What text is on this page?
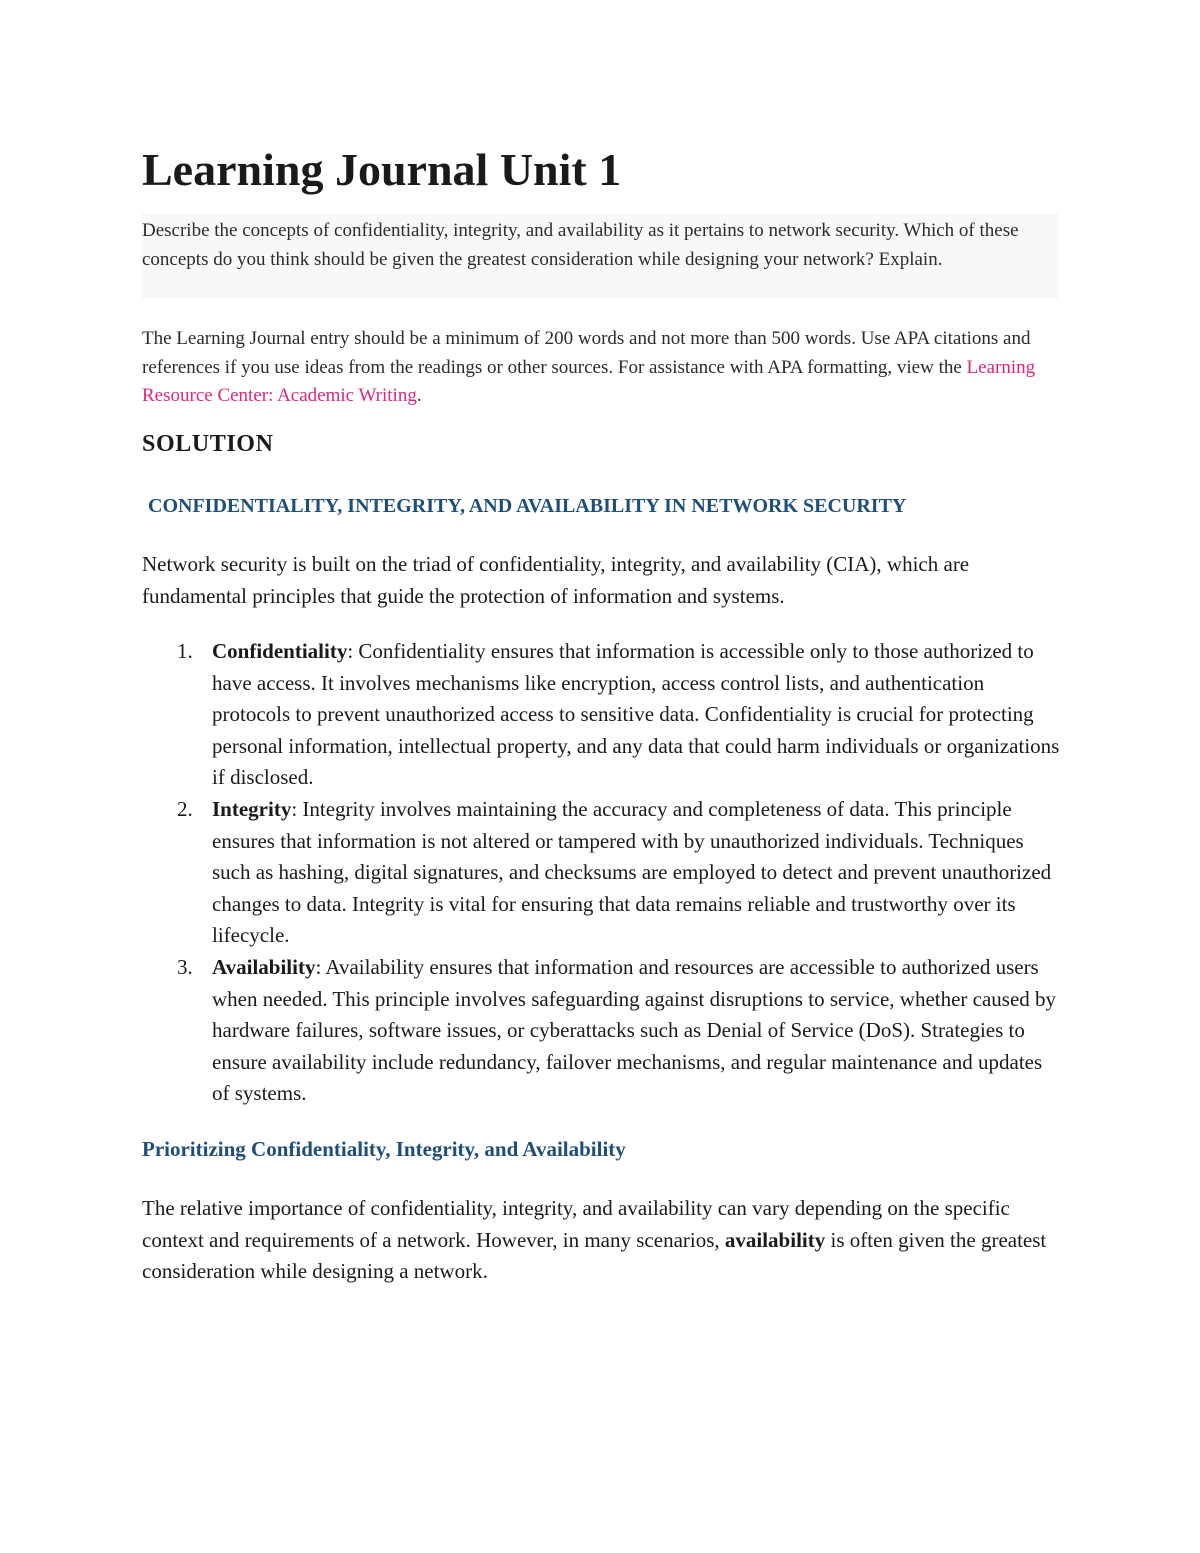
Learning Journal Unit 1

Describe the concepts of confidentiality, integrity, and availability as it pertains to network security. Which of these concepts do you think should be given the greatest consideration while designing your network? Explain.

The Learning Journal entry should be a minimum of 200 words and not more than 500 words. Use APA citations and references if you use ideas from the readings or other sources. For assistance with APA formatting, view the Learning Resource Center: Academic Writing.

SOLUTION
CONFIDENTIALITY, INTEGRITY, AND AVAILABILITY IN NETWORK SECURITY

Network security is built on the triad of confidentiality, integrity, and availability (CIA), which are fundamental principles that guide the protection of information and systems.

1. Confidentiality: Confidentiality ensures that information is accessible only to those authorized to have access. It involves mechanisms like encryption, access control lists, and authentication protocols to prevent unauthorized access to sensitive data. Confidentiality is crucial for protecting personal information, intellectual property, and any data that could harm individuals or organizations if disclosed.
2. Integrity: Integrity involves maintaining the accuracy and completeness of data. This principle ensures that information is not altered or tampered with by unauthorized individuals. Techniques such as hashing, digital signatures, and checksums are employed to detect and prevent unauthorized changes to data. Integrity is vital for ensuring that data remains reliable and trustworthy over its lifecycle.
3. Availability: Availability ensures that information and resources are accessible to authorized users when needed. This principle involves safeguarding against disruptions to service, whether caused by hardware failures, software issues, or cyberattacks such as Denial of Service (DoS). Strategies to ensure availability include redundancy, failover mechanisms, and regular maintenance and updates of systems.
Prioritizing Confidentiality, Integrity, and Availability

The relative importance of confidentiality, integrity, and availability can vary depending on the specific context and requirements of a network. However, in many scenarios, availability is often given the greatest consideration while designing a network.
